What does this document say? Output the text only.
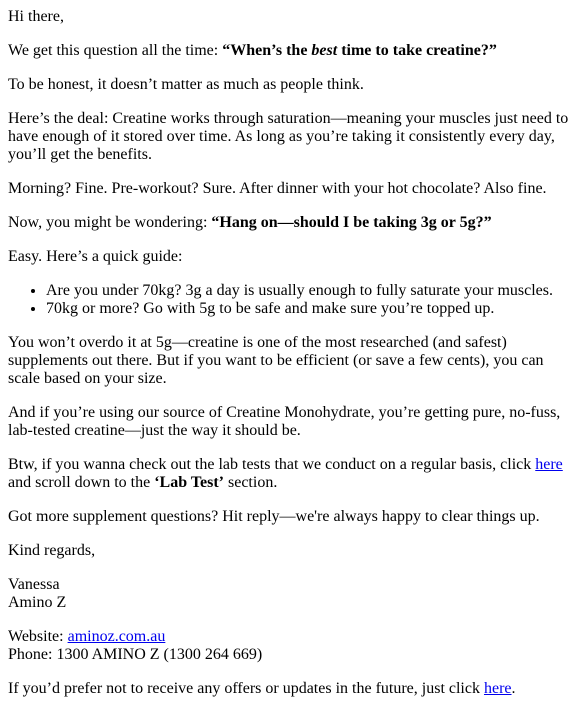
Hi there,

We get this question all the time: “When’s the best time to take creatine?”

To be honest, it doesn’t matter as much as people think.

Here’s the deal: Creatine works through saturation—meaning your muscles just need to have enough of it stored over time. As long as you’re taking it consistently every day, you’ll get the benefits.

Morning? Fine. Pre-workout? Sure. After dinner with your hot chocolate? Also fine.

Now, you might be wondering: “Hang on—should I be taking 3g or 5g?”

Easy. Here’s a quick guide:

• Are you under 70kg? 3g a day is usually enough to fully saturate your muscles.
• 70kg or more? Go with 5g to be safe and make sure you’re topped up.

You won’t overdo it at 5g—creatine is one of the most researched (and safest) supplements out there. But if you want to be efficient (or save a few cents), you can scale based on your size.

And if you’re using our source of Creatine Monohydrate, you’re getting pure, no-fuss, lab-tested creatine—just the way it should be.

Btw, if you wanna check out the lab tests that we conduct on a regular basis, click here and scroll down to the ‘Lab Test’ section.

Got more supplement questions? Hit reply—we're always happy to clear things up.

Kind regards,

Vanessa
Amino Z

Website: aminoz.com.au
Phone: 1300 AMINO Z (1300 264 669)

If you’d prefer not to receive any offers or updates in the future, just click here.
